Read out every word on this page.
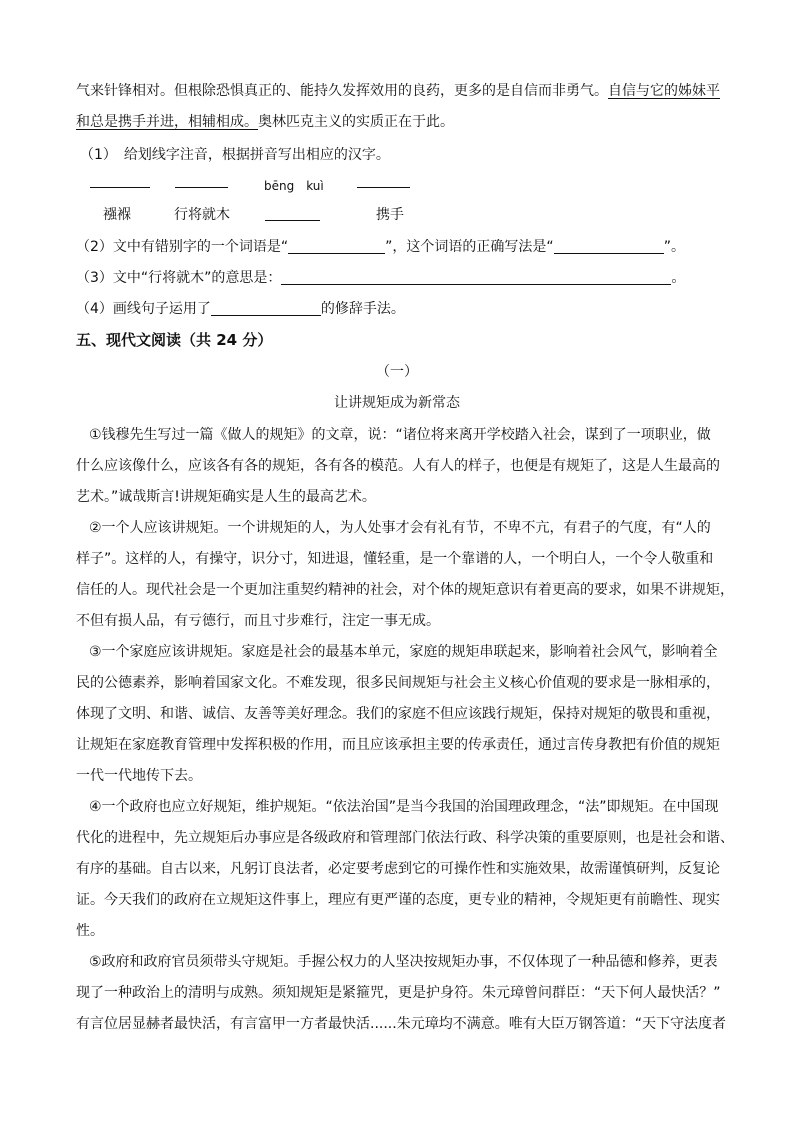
气来针锋相对。但根除恐惧真正的、能持久发挥效用的良药，更多的是自信而非勇气。自信与它的姊妹平
和总是携手并进，相辅相成。奥林匹克主义的实质正在于此。
（1）　给划线字注音，根据拼音写出相应的汉字。
bēng　kuì
襁褓	行将就木	携手
（2）文中有错别字的一个词语是“	”，这个词语的正确写法是“	”。
（3）文中“行将就木”的意思是：	。
（4）画线句子运用了	的修辞手法。
五、现代文阅读（共 24 分）
（一）
让讲规矩成为新常态
①钱穆先生写过一篇《做人的规矩》的文章，说：“诸位将来离开学校踏入社会，谋到了一项职业，做
什么应该像什么，应该各有各的规矩，各有各的模范。人有人的样子，也便是有规矩了，这是人生最高的
艺术。”诚哉斯言!讲规矩确实是人生的最高艺术。
②一个人应该讲规矩。一个讲规矩的人，为人处事才会有礼有节，不卑不亢，有君子的气度，有“人的
样子”。这样的人，有操守，识分寸，知进退，懂轻重，是一个靠谱的人，一个明白人，一个令人敬重和
信任的人。现代社会是一个更加注重契约精神的社会，对个体的规矩意识有着更高的要求，如果不讲规矩，
不但有损人品，有亏德行，而且寸步难行，注定一事无成。
③一个家庭应该讲规矩。家庭是社会的最基本单元，家庭的规矩串联起来，影响着社会风气，影响着全
民的公德素养，影响着国家文化。不难发现，很多民间规矩与社会主义核心价值观的要求是一脉相承的，
体现了文明、和谐、诚信、友善等美好理念。我们的家庭不但应该践行规矩，保持对规矩的敬畏和重视，
让规矩在家庭教育管理中发挥积极的作用，而且应该承担主要的传承责任，通过言传身教把有价值的规矩
一代一代地传下去。
④一个政府也应立好规矩，维护规矩。“依法治国”是当今我国的治国理政理念，“法”即规矩。在中国现
代化的进程中，先立规矩后办事应是各级政府和管理部门依法行政、科学决策的重要原则，也是社会和谐、
有序的基础。自古以来，凡躬订良法者，必定要考虑到它的可操作性和实施效果，故需谨慎研判，反复论
证。今天我们的政府在立规矩这件事上，理应有更严谨的态度，更专业的精神，令规矩更有前瞻性、现实
性。
⑤政府和政府官员须带头守规矩。手握公权力的人坚决按规矩办事，不仅体现了一种品德和修养，更表
现了一种政治上的清明与成熟。须知规矩是紧箍咒，更是护身符。朱元璋曾问群臣：“天下何人最快活？”
有言位居显赫者最快活，有言富甲一方者最快活......朱元璋均不满意。唯有大臣万钢答道：“天下守法度者
